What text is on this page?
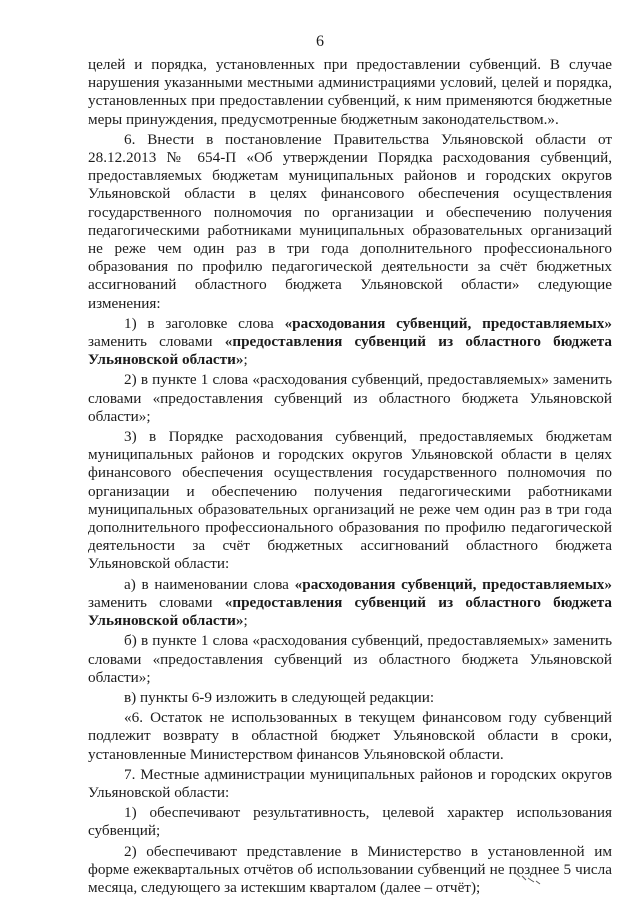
6

целей и порядка, установленных при предоставлении субвенций. В случае нарушения указанными местными администрациями условий, целей и порядка, установленных при предоставлении субвенций, к ним применяются бюджетные меры принуждения, предусмотренные бюджетным законодательством.».

6. Внести в постановление Правительства Ульяновской области от 28.12.2013 № 654-П «Об утверждении Порядка расходования субвенций, предоставляемых бюджетам муниципальных районов и городских округов Ульяновской области в целях финансового обеспечения осуществления государственного полномочия по организации и обеспечению получения педагогическими работниками муниципальных образовательных организаций не реже чем один раз в три года дополнительного профессионального образования по профилю педагогической деятельности за счёт бюджетных ассигнований областного бюджета Ульяновской области» следующие изменения:

1) в заголовке слова «расходования субвенций, предоставляемых» заменить словами «предоставления субвенций из областного бюджета Ульяновской области»;

2) в пункте 1 слова «расходования субвенций, предоставляемых» заменить словами «предоставления субвенций из областного бюджета Ульяновской области»;

3) в Порядке расходования субвенций, предоставляемых бюджетам муниципальных районов и городских округов Ульяновской области в целях финансового обеспечения осуществления государственного полномочия по организации и обеспечению получения педагогическими работниками муниципальных образовательных организаций не реже чем один раз в три года дополнительного профессионального образования по профилю педагогической деятельности за счёт бюджетных ассигнований областного бюджета Ульяновской области:

а) в наименовании слова «расходования субвенций, предоставляемых» заменить словами «предоставления субвенций из областного бюджета Ульяновской области»;

б) в пункте 1 слова «расходования субвенций, предоставляемых» заменить словами «предоставления субвенций из областного бюджета Ульяновской области»;

в) пункты 6-9 изложить в следующей редакции:

«6. Остаток не использованных в текущем финансовом году субвенций подлежит возврату в областной бюджет Ульяновской области в сроки, установленные Министерством финансов Ульяновской области.

7. Местные администрации муниципальных районов и городских округов Ульяновской области:

1) обеспечивают результативность, целевой характер использования субвенций;

2) обеспечивают представление в Министерство в установленной им форме ежеквартальных отчётов об использовании субвенций не позднее 5 числа месяца, следующего за истекшим кварталом (далее – отчёт);
